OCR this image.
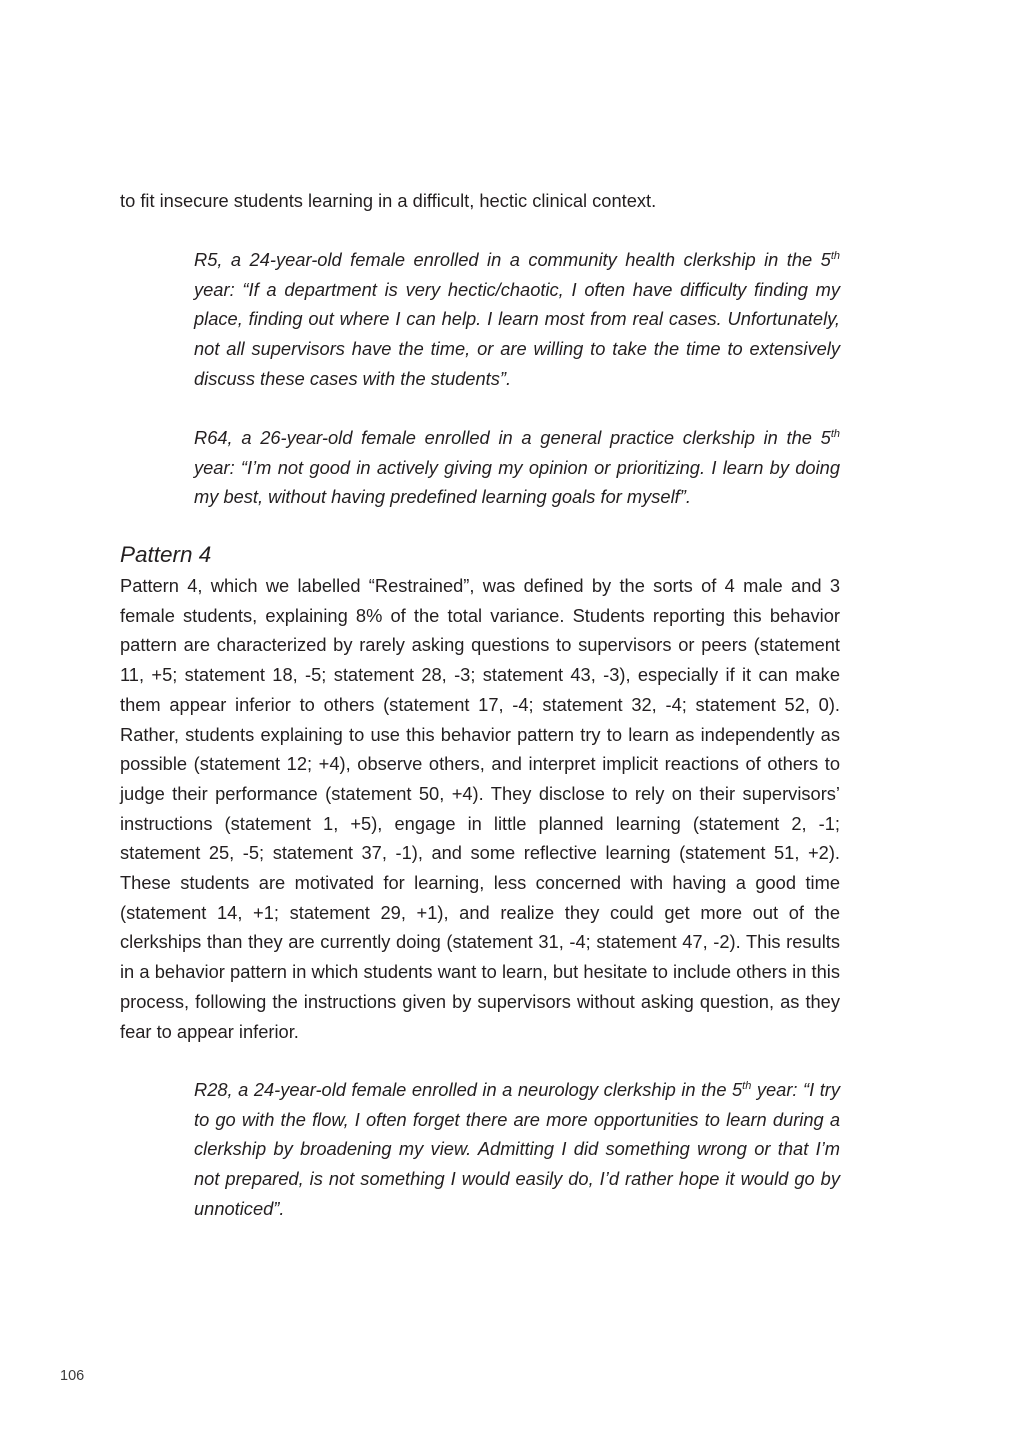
to fit insecure students learning in a difficult, hectic clinical context.

R5, a 24-year-old female enrolled in a community health clerkship in the 5th year: “If a department is very hectic/chaotic, I often have difficulty finding my place, finding out where I can help. I learn most from real cases. Unfortunately, not all supervisors have the time, or are willing to take the time to extensively discuss these cases with the students”.

R64, a 26-year-old female enrolled in a general practice clerkship in the 5th year: “I’m not good in actively giving my opinion or prioritizing. I learn by doing my best, without having predefined learning goals for myself”.

Pattern 4

Pattern 4, which we labelled “Restrained”, was defined by the sorts of 4 male and 3 female students, explaining 8% of the total variance. Students reporting this behavior pattern are characterized by rarely asking questions to supervisors or peers (statement 11, +5; statement 18, -5; statement 28, -3; statement 43, -3), especially if it can make them appear inferior to others (statement 17, -4; statement 32, -4; statement 52, 0). Rather, students explaining to use this behavior pattern try to learn as independently as possible (statement 12; +4), observe others, and interpret implicit reactions of others to judge their performance (statement 50, +4). They disclose to rely on their supervisors’ instructions (statement 1, +5), engage in little planned learning (statement 2, -1; statement 25, -5; statement 37, -1), and some reflective learning (statement 51, +2). These students are motivated for learning, less concerned with having a good time (statement 14, +1; statement 29, +1), and realize they could get more out of the clerkships than they are currently doing (statement 31, -4; statement 47, -2). This results in a behavior pattern in which students want to learn, but hesitate to include others in this process, following the instructions given by supervisors without asking question, as they fear to appear inferior.

R28, a 24-year-old female enrolled in a neurology clerkship in the 5th year: “I try to go with the flow, I often forget there are more opportunities to learn during a clerkship by broadening my view. Admitting I did something wrong or that I’m not prepared, is not something I would easily do, I’d rather hope it would go by unnoticed”.

106
